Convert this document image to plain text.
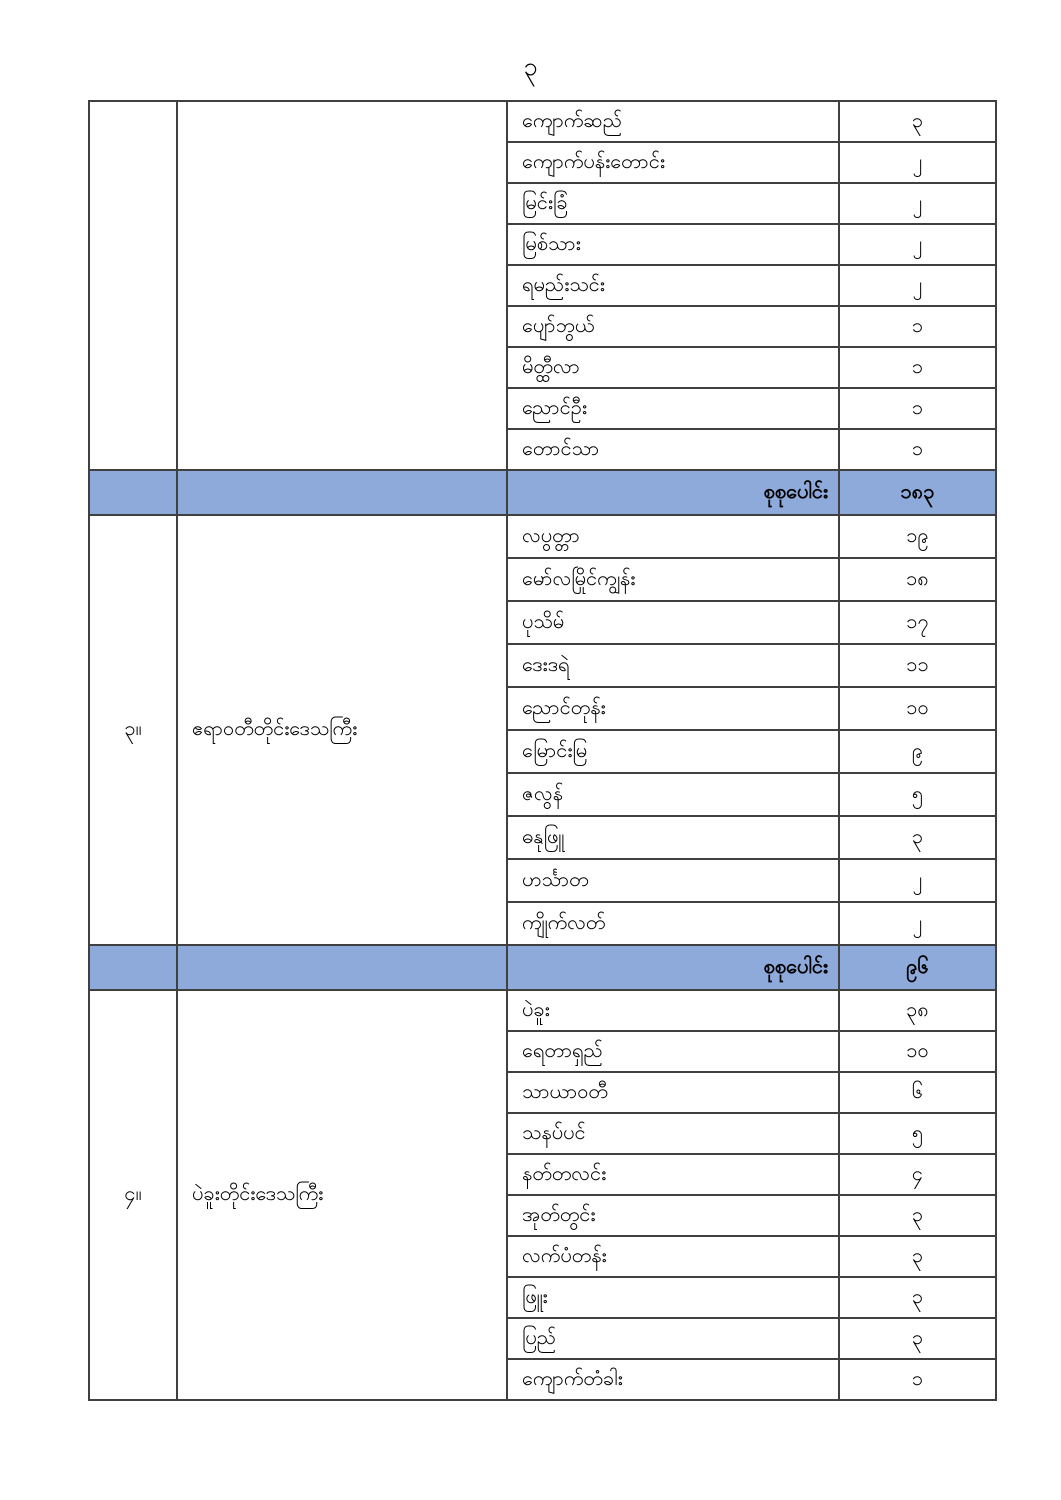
၃
		ကျောက်ဆည်	၃
		ကျောက်ပန်းတောင်း	၂
		မြင်းခြံ	၂
		မြစ်သား	၂
		ရမည်းသင်း	၂
		ပျော်ဘွယ်	၁
		မိတ္ထီလာ	၁
		ညောင်ဦး	၁
		တောင်သာ	၁
		စုစုပေါင်း	၁၈၃
၃။	ဧရာဝတီတိုင်းဒေသကြီး	လပွတ္တာ	၁၉
		မော်လမြိုင်ကျွန်း	၁၈
		ပုသိမ်	၁၇
		ဒေးဒရဲ	၁၁
		ညောင်တုန်း	၁၀
		မြောင်းမြ	၉
		ဇလွန်	၅
		ဓနုဖြူ	၃
		ဟင်္သာတ	၂
		ကျိုက်လတ်	၂
		စုစုပေါင်း	၉၆
၄။	ပဲခူးတိုင်းဒေသကြီး	ပဲခူး	၃၈
		ရေတာရှည်	၁၀
		သာယာဝတီ	၆
		သနပ်ပင်	၅
		နတ်တလင်း	၄
		အုတ်တွင်း	၃
		လက်ပံတန်း	၃
		ဖြူး	၃
		ပြည်	၃
		ကျောက်တံခါး	၁
